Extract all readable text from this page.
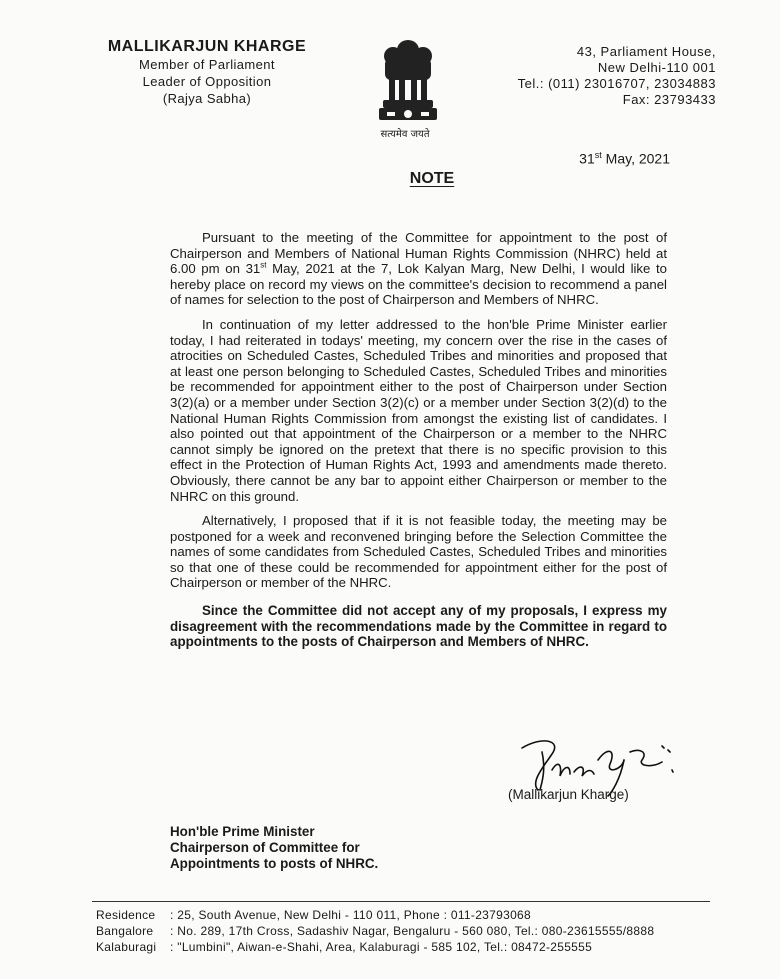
MALLIKARJUN KHARGE
Member of Parliament
Leader of Opposition
(Rajya Sabha)
सत्यमेव जयते
43, Parliament House,
New Delhi-110 001
Tel.: (011) 23016707, 23034883
Fax: 23793433
31st May, 2021
NOTE

Pursuant to the meeting of the Committee for appointment to the post of Chairperson and Members of National Human Rights Commission (NHRC) held at 6.00 pm on 31st May, 2021 at the 7, Lok Kalyan Marg, New Delhi, I would like to hereby place on record my views on the committee's decision to recommend a panel of names for selection to the post of Chairperson and Members of NHRC.

In continuation of my letter addressed to the hon'ble Prime Minister earlier today, I had reiterated in todays' meeting, my concern over the rise in the cases of atrocities on Scheduled Castes, Scheduled Tribes and minorities and proposed that at least one person belonging to Scheduled Castes, Scheduled Tribes and minorities be recommended for appointment either to the post of Chairperson under Section 3(2)(a) or a member under Section 3(2)(c) or a member under Section 3(2)(d) to the National Human Rights Commission from amongst the existing list of candidates. I also pointed out that appointment of the Chairperson or a member to the NHRC cannot simply be ignored on the pretext that there is no specific provision to this effect in the Protection of Human Rights Act, 1993 and amendments made thereto. Obviously, there cannot be any bar to appoint either Chairperson or member to the NHRC on this ground.

Alternatively, I proposed that if it is not feasible today, the meeting may be postponed for a week and reconvened bringing before the Selection Committee the names of some candidates from Scheduled Castes, Scheduled Tribes and minorities so that one of these could be recommended for appointment either for the post of Chairperson or member of the NHRC.

Since the Committee did not accept any of my proposals, I express my disagreement with the recommendations made by the Committee in regard to appointments to the posts of Chairperson and Members of NHRC.

(Mallikarjun Kharge)
Hon'ble Prime Minister
Chairperson of Committee for
Appointments to posts of NHRC.
Residence : 25, South Avenue, New Delhi - 110 011, Phone : 011-23793068
Bangalore : No. 289, 17th Cross, Sadashiv Nagar, Bengaluru - 560 080, Tel.: 080-23615555/8888
Kalaburagi : "Lumbini", Aiwan-e-Shahi, Area, Kalaburagi - 585 102, Tel.: 08472-255555
